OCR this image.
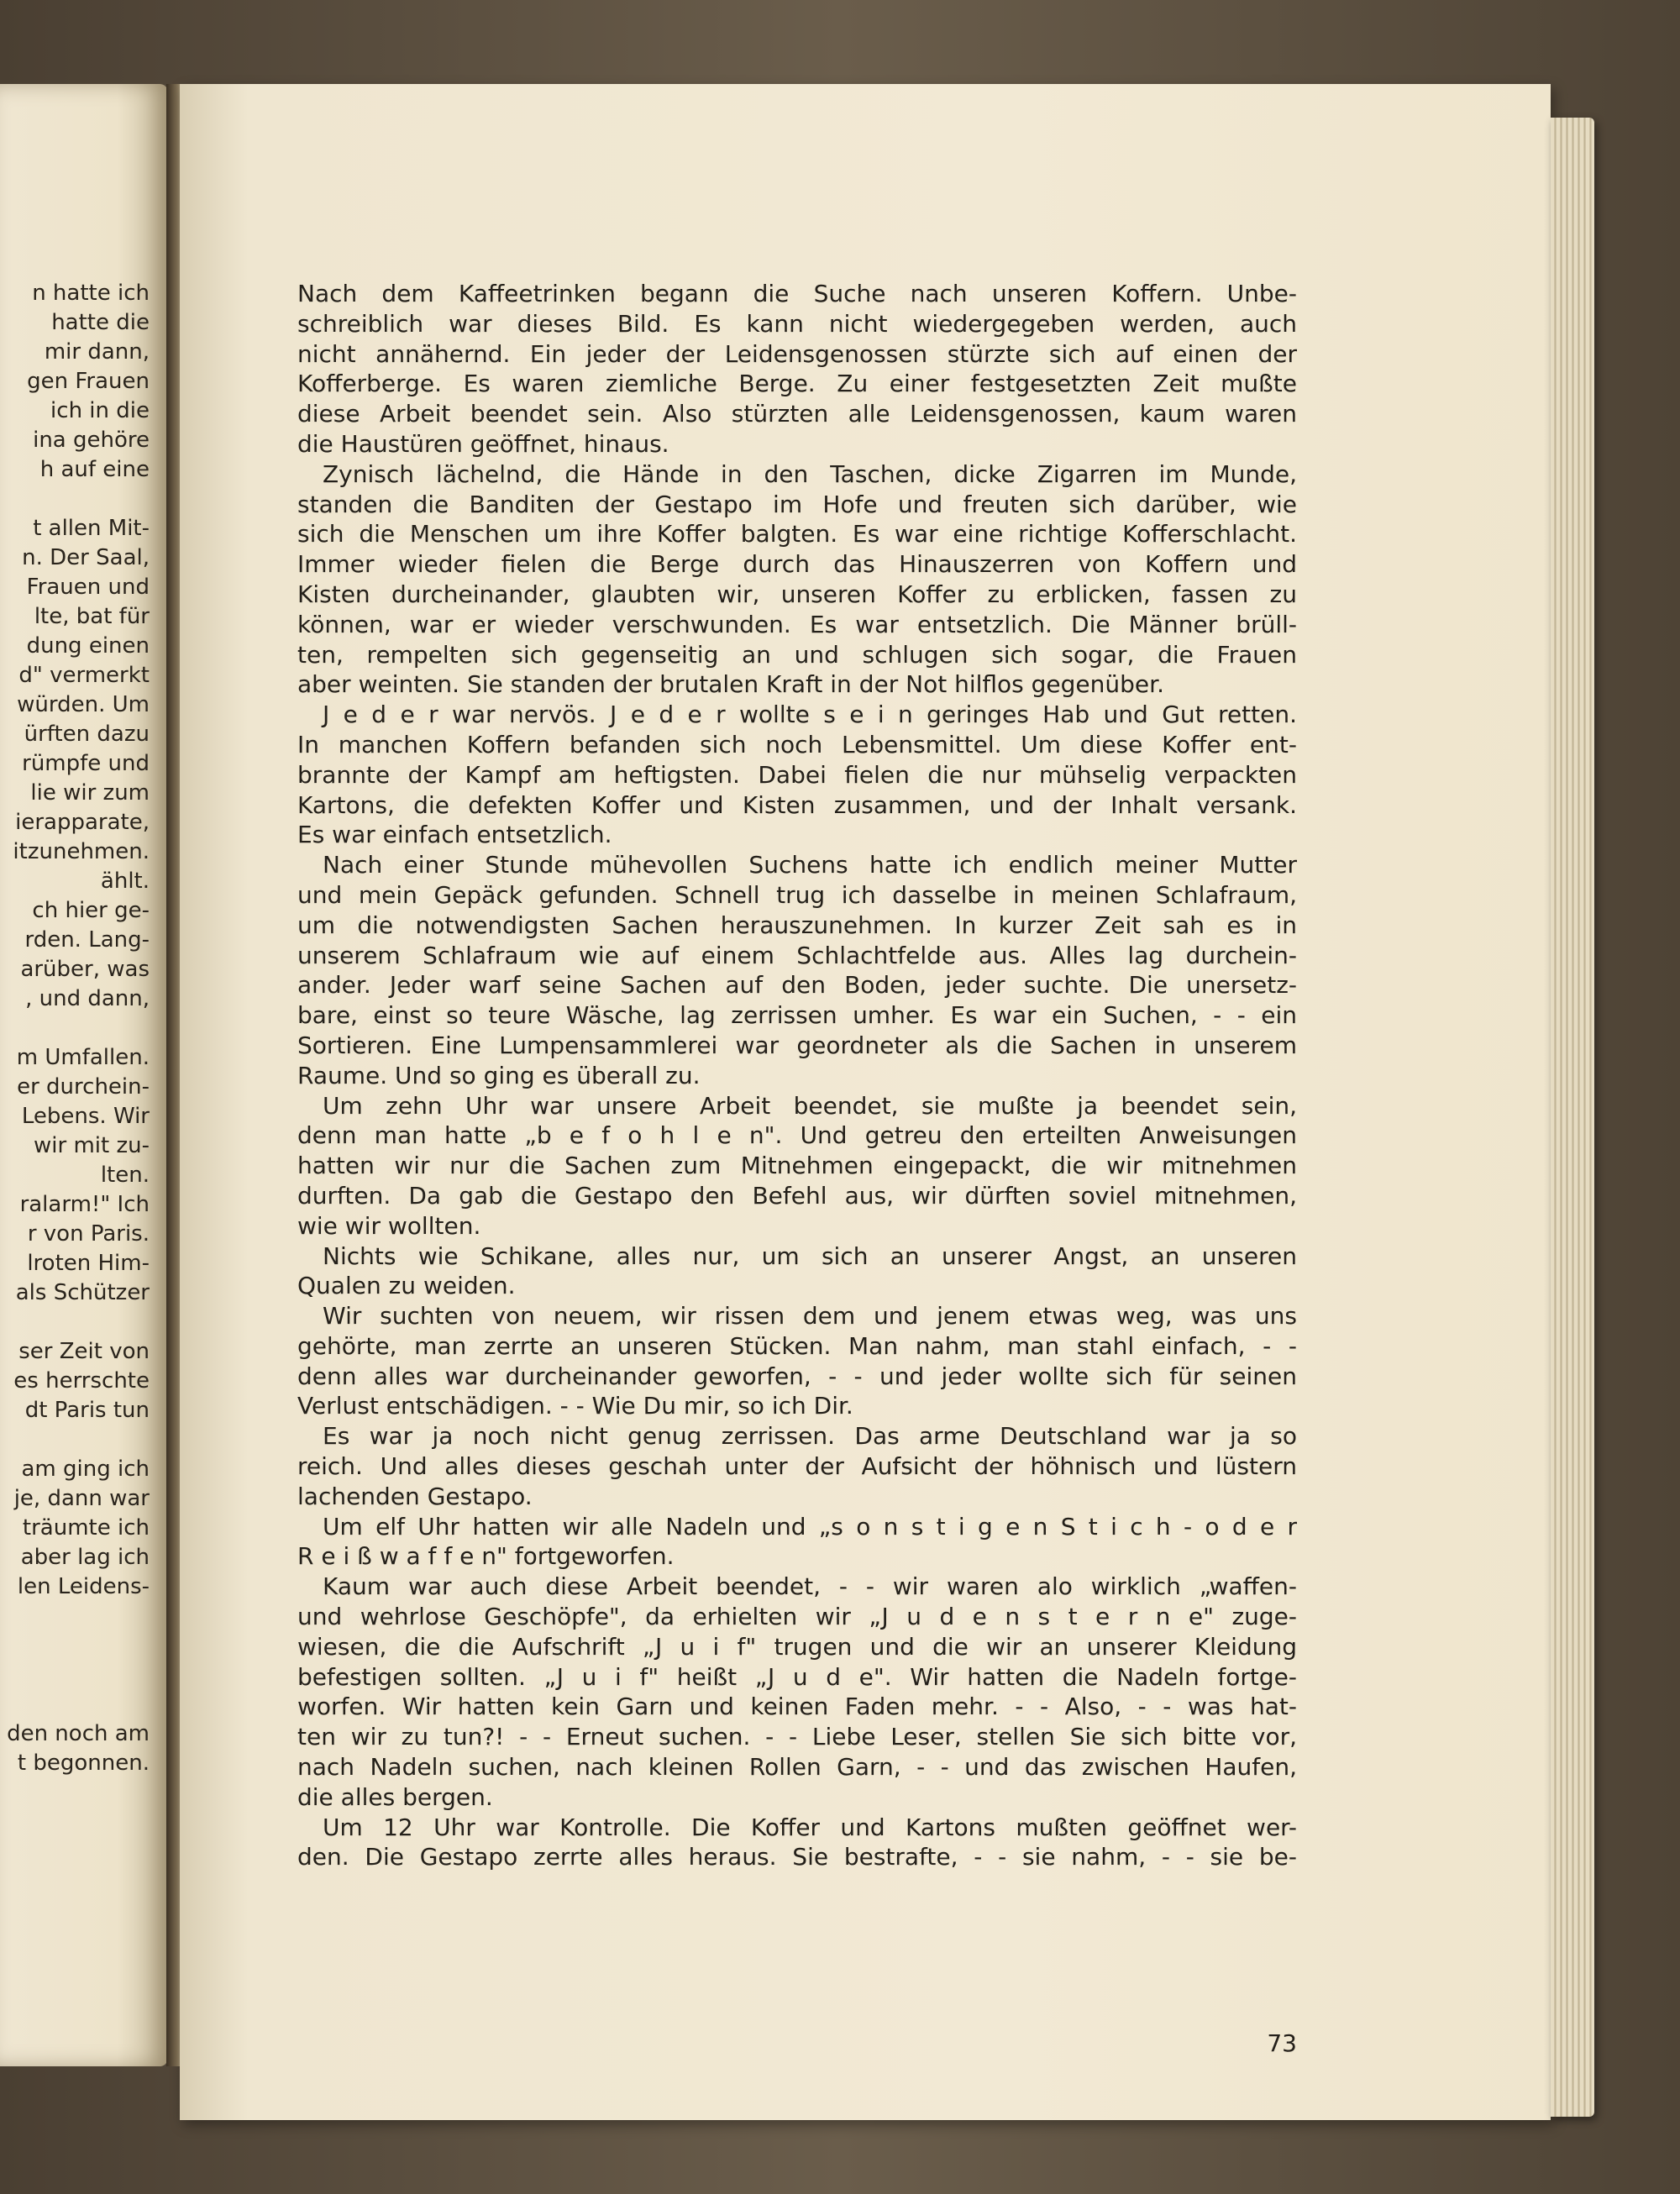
n hatte ich
hatte die
mir dann,
gen Frauen
ich in die
ina gehöre
h auf eine
t allen Mit-
n. Der Saal,
Frauen und
lte, bat für
dung einen
d" vermerkt
würden. Um
ürften dazu
rümpfe und
lie wir zum
ierapparate,
itzunehmen.
ählt.
ch hier ge-
rden. Lang-
arüber, was
, und dann,
m Umfallen.
er durchein-
Lebens. Wir
wir mit zu-
lten.
ralarm!" Ich
r von Paris.
lroten Him-
als Schützer
ser Zeit von
es herrschte
dt Paris tun
am ging ich
je, dann war
träumte ich
aber lag ich
len Leidens-
den noch am
t begonnen.
Nach dem Kaffeetrinken begann die Suche nach unseren Koffern. Unbe-
schreiblich war dieses Bild. Es kann nicht wiedergegeben werden, auch
nicht annähernd. Ein jeder der Leidensgenossen stürzte sich auf einen der
Kofferberge. Es waren ziemliche Berge. Zu einer festgesetzten Zeit mußte
diese Arbeit beendet sein. Also stürzten alle Leidensgenossen, kaum waren
die Haustüren geöffnet, hinaus.
Zynisch lächelnd, die Hände in den Taschen, dicke Zigarren im Munde,
standen die Banditen der Gestapo im Hofe und freuten sich darüber, wie
sich die Menschen um ihre Koffer balgten. Es war eine richtige Kofferschlacht.
Immer wieder fielen die Berge durch das Hinauszerren von Koffern und
Kisten durcheinander, glaubten wir, unseren Koffer zu erblicken, fassen zu
können, war er wieder verschwunden. Es war entsetzlich. Die Männer brüll-
ten, rempelten sich gegenseitig an und schlugen sich sogar, die Frauen
aber weinten. Sie standen der brutalen Kraft in der Not hilflos gegenüber.
J e d e r war nervös. J e d e r wollte s e i n geringes Hab und Gut retten.
In manchen Koffern befanden sich noch Lebensmittel. Um diese Koffer ent-
brannte der Kampf am heftigsten. Dabei fielen die nur mühselig verpackten
Kartons, die defekten Koffer und Kisten zusammen, und der Inhalt versank.
Es war einfach entsetzlich.
Nach einer Stunde mühevollen Suchens hatte ich endlich meiner Mutter
und mein Gepäck gefunden. Schnell trug ich dasselbe in meinen Schlafraum,
um die notwendigsten Sachen herauszunehmen. In kurzer Zeit sah es in
unserem Schlafraum wie auf einem Schlachtfelde aus. Alles lag durchein-
ander. Jeder warf seine Sachen auf den Boden, jeder suchte. Die unersetz-
bare, einst so teure Wäsche, lag zerrissen umher. Es war ein Suchen, - - ein
Sortieren. Eine Lumpensammlerei war geordneter als die Sachen in unserem
Raume. Und so ging es überall zu.
Um zehn Uhr war unsere Arbeit beendet, sie mußte ja beendet sein,
denn man hatte „b e f o h l e n". Und getreu den erteilten Anweisungen
hatten wir nur die Sachen zum Mitnehmen eingepackt, die wir mitnehmen
durften. Da gab die Gestapo den Befehl aus, wir dürften soviel mitnehmen,
wie wir wollten.
Nichts wie Schikane, alles nur, um sich an unserer Angst, an unseren
Qualen zu weiden.
Wir suchten von neuem, wir rissen dem und jenem etwas weg, was uns
gehörte, man zerrte an unseren Stücken. Man nahm, man stahl einfach, - -
denn alles war durcheinander geworfen, - - und jeder wollte sich für seinen
Verlust entschädigen. - - Wie Du mir, so ich Dir.
Es war ja noch nicht genug zerrissen. Das arme Deutschland war ja so
reich. Und alles dieses geschah unter der Aufsicht der höhnisch und lüstern
lachenden Gestapo.
Um elf Uhr hatten wir alle Nadeln und „s o n s t i g e n S t i c h - o d e r
R e i ß w a f f e n" fortgeworfen.
Kaum war auch diese Arbeit beendet, - - wir waren alo wirklich „waffen-
und wehrlose Geschöpfe", da erhielten wir „J u d e n s t e r n e" zuge-
wiesen, die die Aufschrift „J u i f" trugen und die wir an unserer Kleidung
befestigen sollten. „J u i f" heißt „J u d e". Wir hatten die Nadeln fortge-
worfen. Wir hatten kein Garn und keinen Faden mehr. - - Also, - - was hat-
ten wir zu tun?! - - Erneut suchen. - - Liebe Leser, stellen Sie sich bitte vor,
nach Nadeln suchen, nach kleinen Rollen Garn, - - und das zwischen Haufen,
die alles bergen.
Um 12 Uhr war Kontrolle. Die Koffer und Kartons mußten geöffnet wer-
den. Die Gestapo zerrte alles heraus. Sie bestrafte, - - sie nahm, - - sie be-
73
